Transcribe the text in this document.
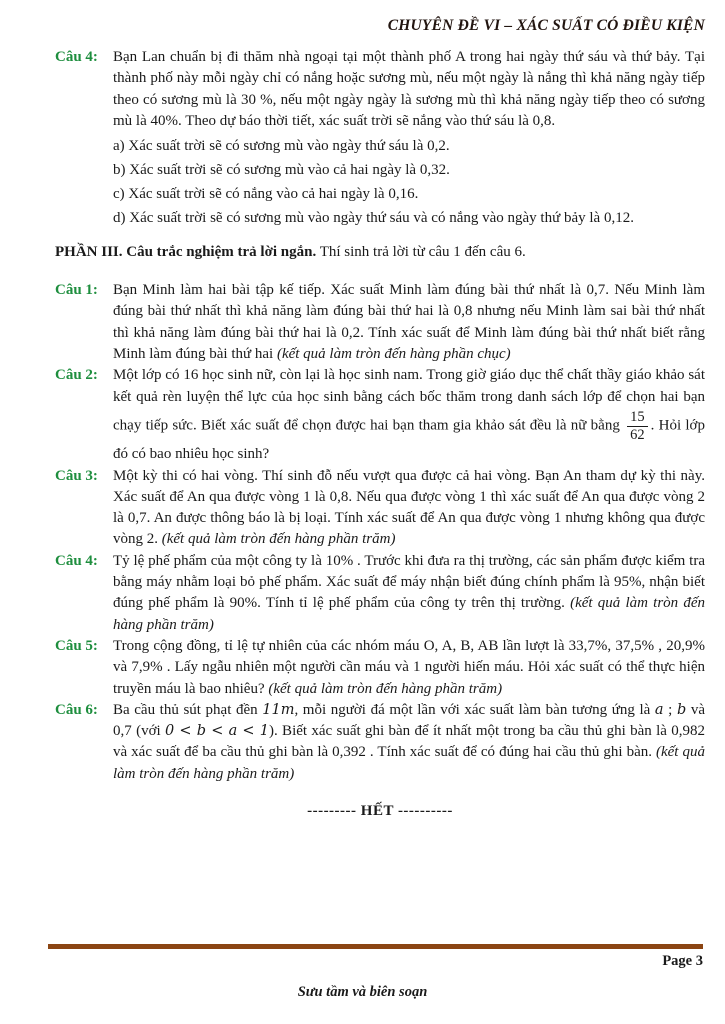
CHUYÊN ĐỀ VI – XÁC SUẤT CÓ ĐIỀU KIỆN
Câu 4:	Bạn Lan chuẩn bị đi thăm nhà ngoại tại một thành phố A trong hai ngày thứ sáu và thứ bảy. Tại thành phố này mỗi ngày chỉ có nắng hoặc sương mù, nếu một ngày là nắng thì khả năng ngày tiếp theo có sương mù là 30 %, nếu một ngày ngày là sương mù thì khả năng ngày tiếp theo có sương mù là 40%. Theo dự báo thời tiết, xác suất trời sẽ nắng vào thứ sáu là 0,8.
a) Xác suất trời sẽ có sương mù vào ngày thứ sáu là 0,2.
b) Xác suất trời sẽ có sương mù vào cả hai ngày là 0,32.
c) Xác suất trời sẽ có nắng vào cả hai ngày là 0,16.
d) Xác suất trời sẽ có sương mù vào ngày thứ sáu và có nắng vào ngày thứ bảy là 0,12.
PHẦN III. Câu trắc nghiệm trả lời ngắn. Thí sinh trả lời từ câu 1 đến câu 6.
Câu 1:	Bạn Minh làm hai bài tập kế tiếp. Xác suất Minh làm đúng bài thứ nhất là 0,7. Nếu Minh làm đúng bài thứ nhất thì khả năng làm đúng bài thứ hai là 0,8 nhưng nếu Minh làm sai bài thứ nhất thì khả năng làm đúng bài thứ hai là 0,2. Tính xác suất để Minh làm đúng bài thứ nhất biết rằng Minh làm đúng bài thứ hai (kết quả làm tròn đến hàng phần chục)
Câu 2:	Một lớp có 16 học sinh nữ, còn lại là học sinh nam. Trong giờ giáo dục thể chất thầy giáo khảo sát kết quả rèn luyện thể lực của học sinh bằng cách bốc thăm trong danh sách lớp để chọn hai bạn chạy tiếp sức. Biết xác suất để chọn được hai bạn tham gia khảo sát đều là nữ bằng $\frac{15}{62}$ . Hỏi lớp đó có bao nhiêu học sinh?
Câu 3:	Một kỳ thi có hai vòng. Thí sinh đỗ nếu vượt qua được cả hai vòng. Bạn An tham dự kỳ thi này. Xác suất để An qua được vòng 1 là 0,8. Nếu qua được vòng 1 thì xác suất để An qua được vòng 2 là 0,7. An được thông báo là bị loại. Tính xác suất để An qua được vòng 1 nhưng không qua được vòng 2. (kết quả làm tròn đến hàng phần trăm)
Câu 4:	Tỷ lệ phế phẩm của một công ty là 10% . Trước khi đưa ra thị trường, các sản phẩm được kiểm tra bằng máy nhằm loại bỏ phế phẩm. Xác suất để máy nhận biết đúng chính phẩm là 95%, nhận biết đúng phế phẩm là 90%. Tính tỉ lệ phế phẩm của công ty trên thị trường. (kết quả làm tròn đến hàng phần trăm)
Câu 5:	Trong cộng đồng, tỉ lệ tự nhiên của các nhóm máu O, A, B, AB lần lượt là 33,7%, 37,5% , 20,9% và 7,9% . Lấy ngẫu nhiên một người cần máu và 1 người hiến máu. Hỏi xác suất có thể thực hiện truyền máu là bao nhiêu? (kết quả làm tròn đến hàng phần trăm)
Câu 6:	Ba cầu thủ sút phạt đền 11m, mỗi người đá một lần với xác suất làm bàn tương ứng là a ; b và 0,7 (với 0 < b < a < 1). Biết xác suất ghi bàn để ít nhất một trong ba cầu thủ ghi bàn là 0,982 và xác suất để ba cầu thủ ghi bàn là 0,392 . Tính xác suất để có đúng hai cầu thủ ghi bàn. (kết quả làm tròn đến hàng phần trăm)
--------- HẾT ----------
Page 3
Sưu tầm và biên soạn
